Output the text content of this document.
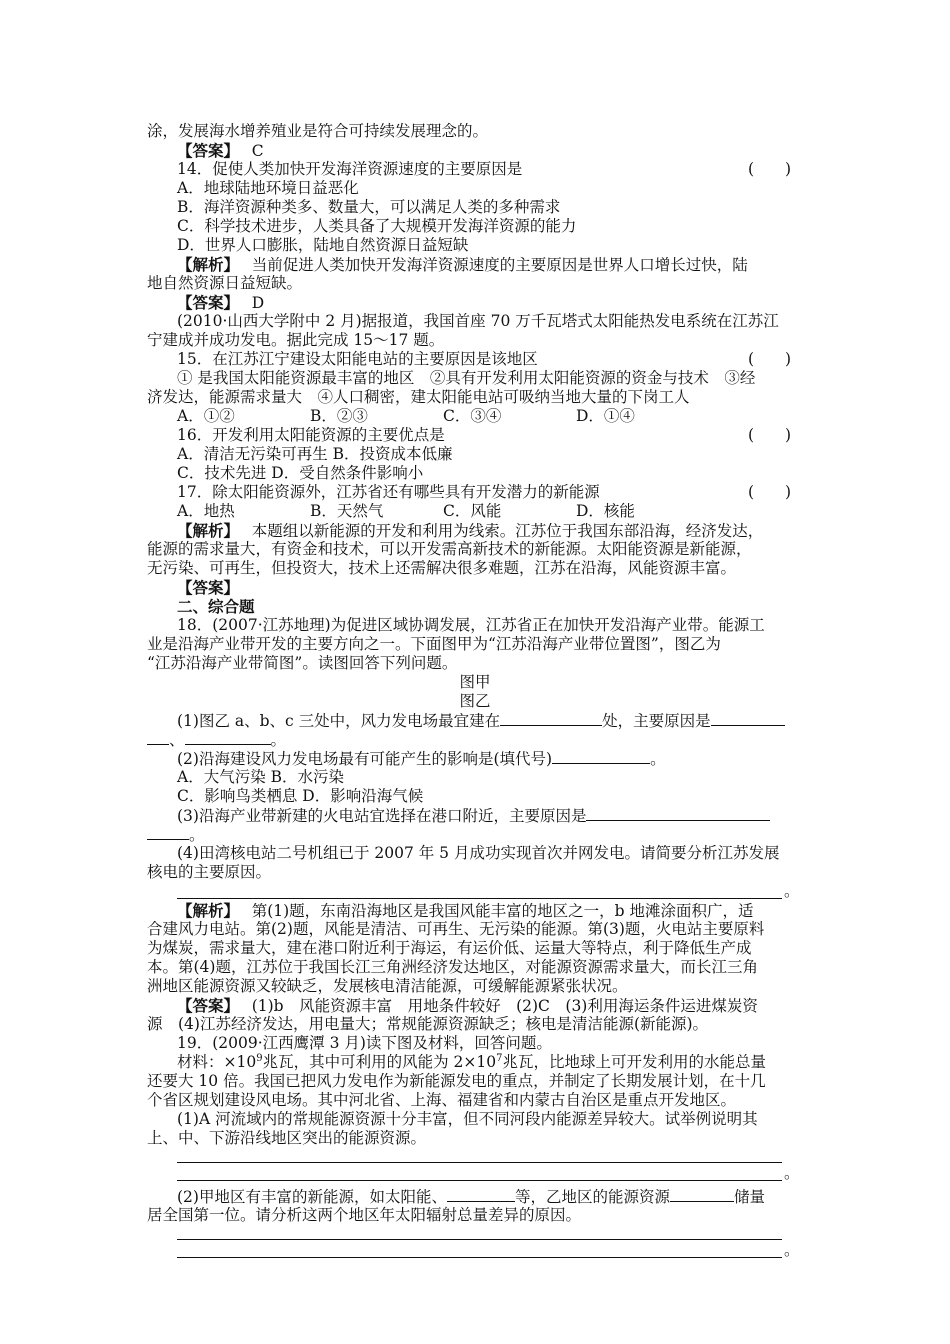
涂，发展海水增养殖业是符合可持续发展理念的。
【答案】　 C
14．促使人类加快开发海洋资源速度的主要原因是	(　　)
A．地球陆地环境日益恶化
B．海洋资源种类多、数量大，可以满足人类的多种需求
C．科学技术进步，人类具备了大规模开发海洋资源的能力
D．世界人口膨胀，陆地自然资源日益短缺
【解析】　 当前促进人类加快开发海洋资源速度的主要原因是世界人口增长过快，陆
地自然资源日益短缺。
【答案】　 D
(2010·山西大学附中 2 月)据报道，我国首座 70 万千瓦塔式太阳能热发电系统在江苏江
宁建成并成功发电。据此完成 15～17 题。
15．在江苏江宁建设太阳能电站的主要原因是该地区	(　　)
① 是我国太阳能资源最丰富的地区　②具有开发利用太阳能资源的资金与技术　③经
济发达，能源需求量大　④人口稠密，建太阳能电站可吸纳当地大量的下岗工人
A．①②	B．②③	C．③④	D．①④
16．开发利用太阳能资源的主要优点是	(　　)
A．清洁无污染可再生 B．投资成本低廉
C．技术先进 D．受自然条件影响小
17．除太阳能资源外，江苏省还有哪些具有开发潜力的新能源	(　　)
A．地热	B．天然气	C．风能	D．核能
【解析】　 本题组以新能源的开发和利用为线索。江苏位于我国东部沿海，经济发达，
能源的需求量大，有资金和技术，可以开发需高新技术的新能源。太阳能资源是新能源，
无污染、可再生，但投资大，技术上还需解决很多难题，江苏在沿海，风能资源丰富。
【答案】
二、综合题
18．(2007·江苏地理)为促进区域协调发展，江苏省正在加快开发沿海产业带。能源工
业是沿海产业带开发的主要方向之一。下面图甲为“江苏沿海产业带位置图”，图乙为
“江苏沿海产业带简图”。读图回答下列问题。
图甲
图乙
(1)图乙 a、b、c 三处中，风力发电场最宜建在	处，主要原因是
、	。
(2)沿海建设风力发电场最有可能产生的影响是(填代号)	。
A．大气污染 B．水污染
C．影响鸟类栖息 D．影响沿海气候
(3)沿海产业带新建的火电站宜选择在港口附近，主要原因是
。
(4)田湾核电站二号机组已于 2007 年 5 月成功实现首次并网发电。请简要分析江苏发展
核电的主要原因。
。
【解析】　 第(1)题，东南沿海地区是我国风能丰富的地区之一，b 地滩涂面积广，适
合建风力电站。第(2)题，风能是清洁、可再生、无污染的能源。第(3)题，火电站主要原料
为煤炭，需求量大，建在港口附近利于海运，有运价低、运量大等特点，利于降低生产成
本。第(4)题，江苏位于我国长江三角洲经济发达地区，对能源资源需求量大，而长江三角
洲地区能源资源又较缺乏，发展核电清洁能源，可缓解能源紧张状况。
【答案】　 (1)b　风能资源丰富　用地条件较好　(2)C　(3)利用海运条件运进煤炭资
源　(4)江苏经济发达，用电量大；常规能源资源缺乏；核电是清洁能源(新能源)。
19．(2009·江西鹰潭 3 月)读下图及材料，回答问题。
材料：$\times 10^9$兆瓦，其中可利用的风能为 $2\times 10^7$兆瓦，比地球上可开发利用的水能总量
还要大 10 倍。我国已把风力发电作为新能源发电的重点，并制定了长期发展计划，在十几
个省区规划建设风电场。其中河北省、上海、福建省和内蒙古自治区是重点开发地区。
(1)A 河流域内的常规能源资源十分丰富，但不同河段内能源差异较大。试举例说明其
上、中、下游沿线地区突出的能源资源。
。
(2)甲地区有丰富的新能源，如太阳能、	等，乙地区的能源资源	储量
居全国第一位。请分析这两个地区年太阳辐射总量差异的原因。
。
